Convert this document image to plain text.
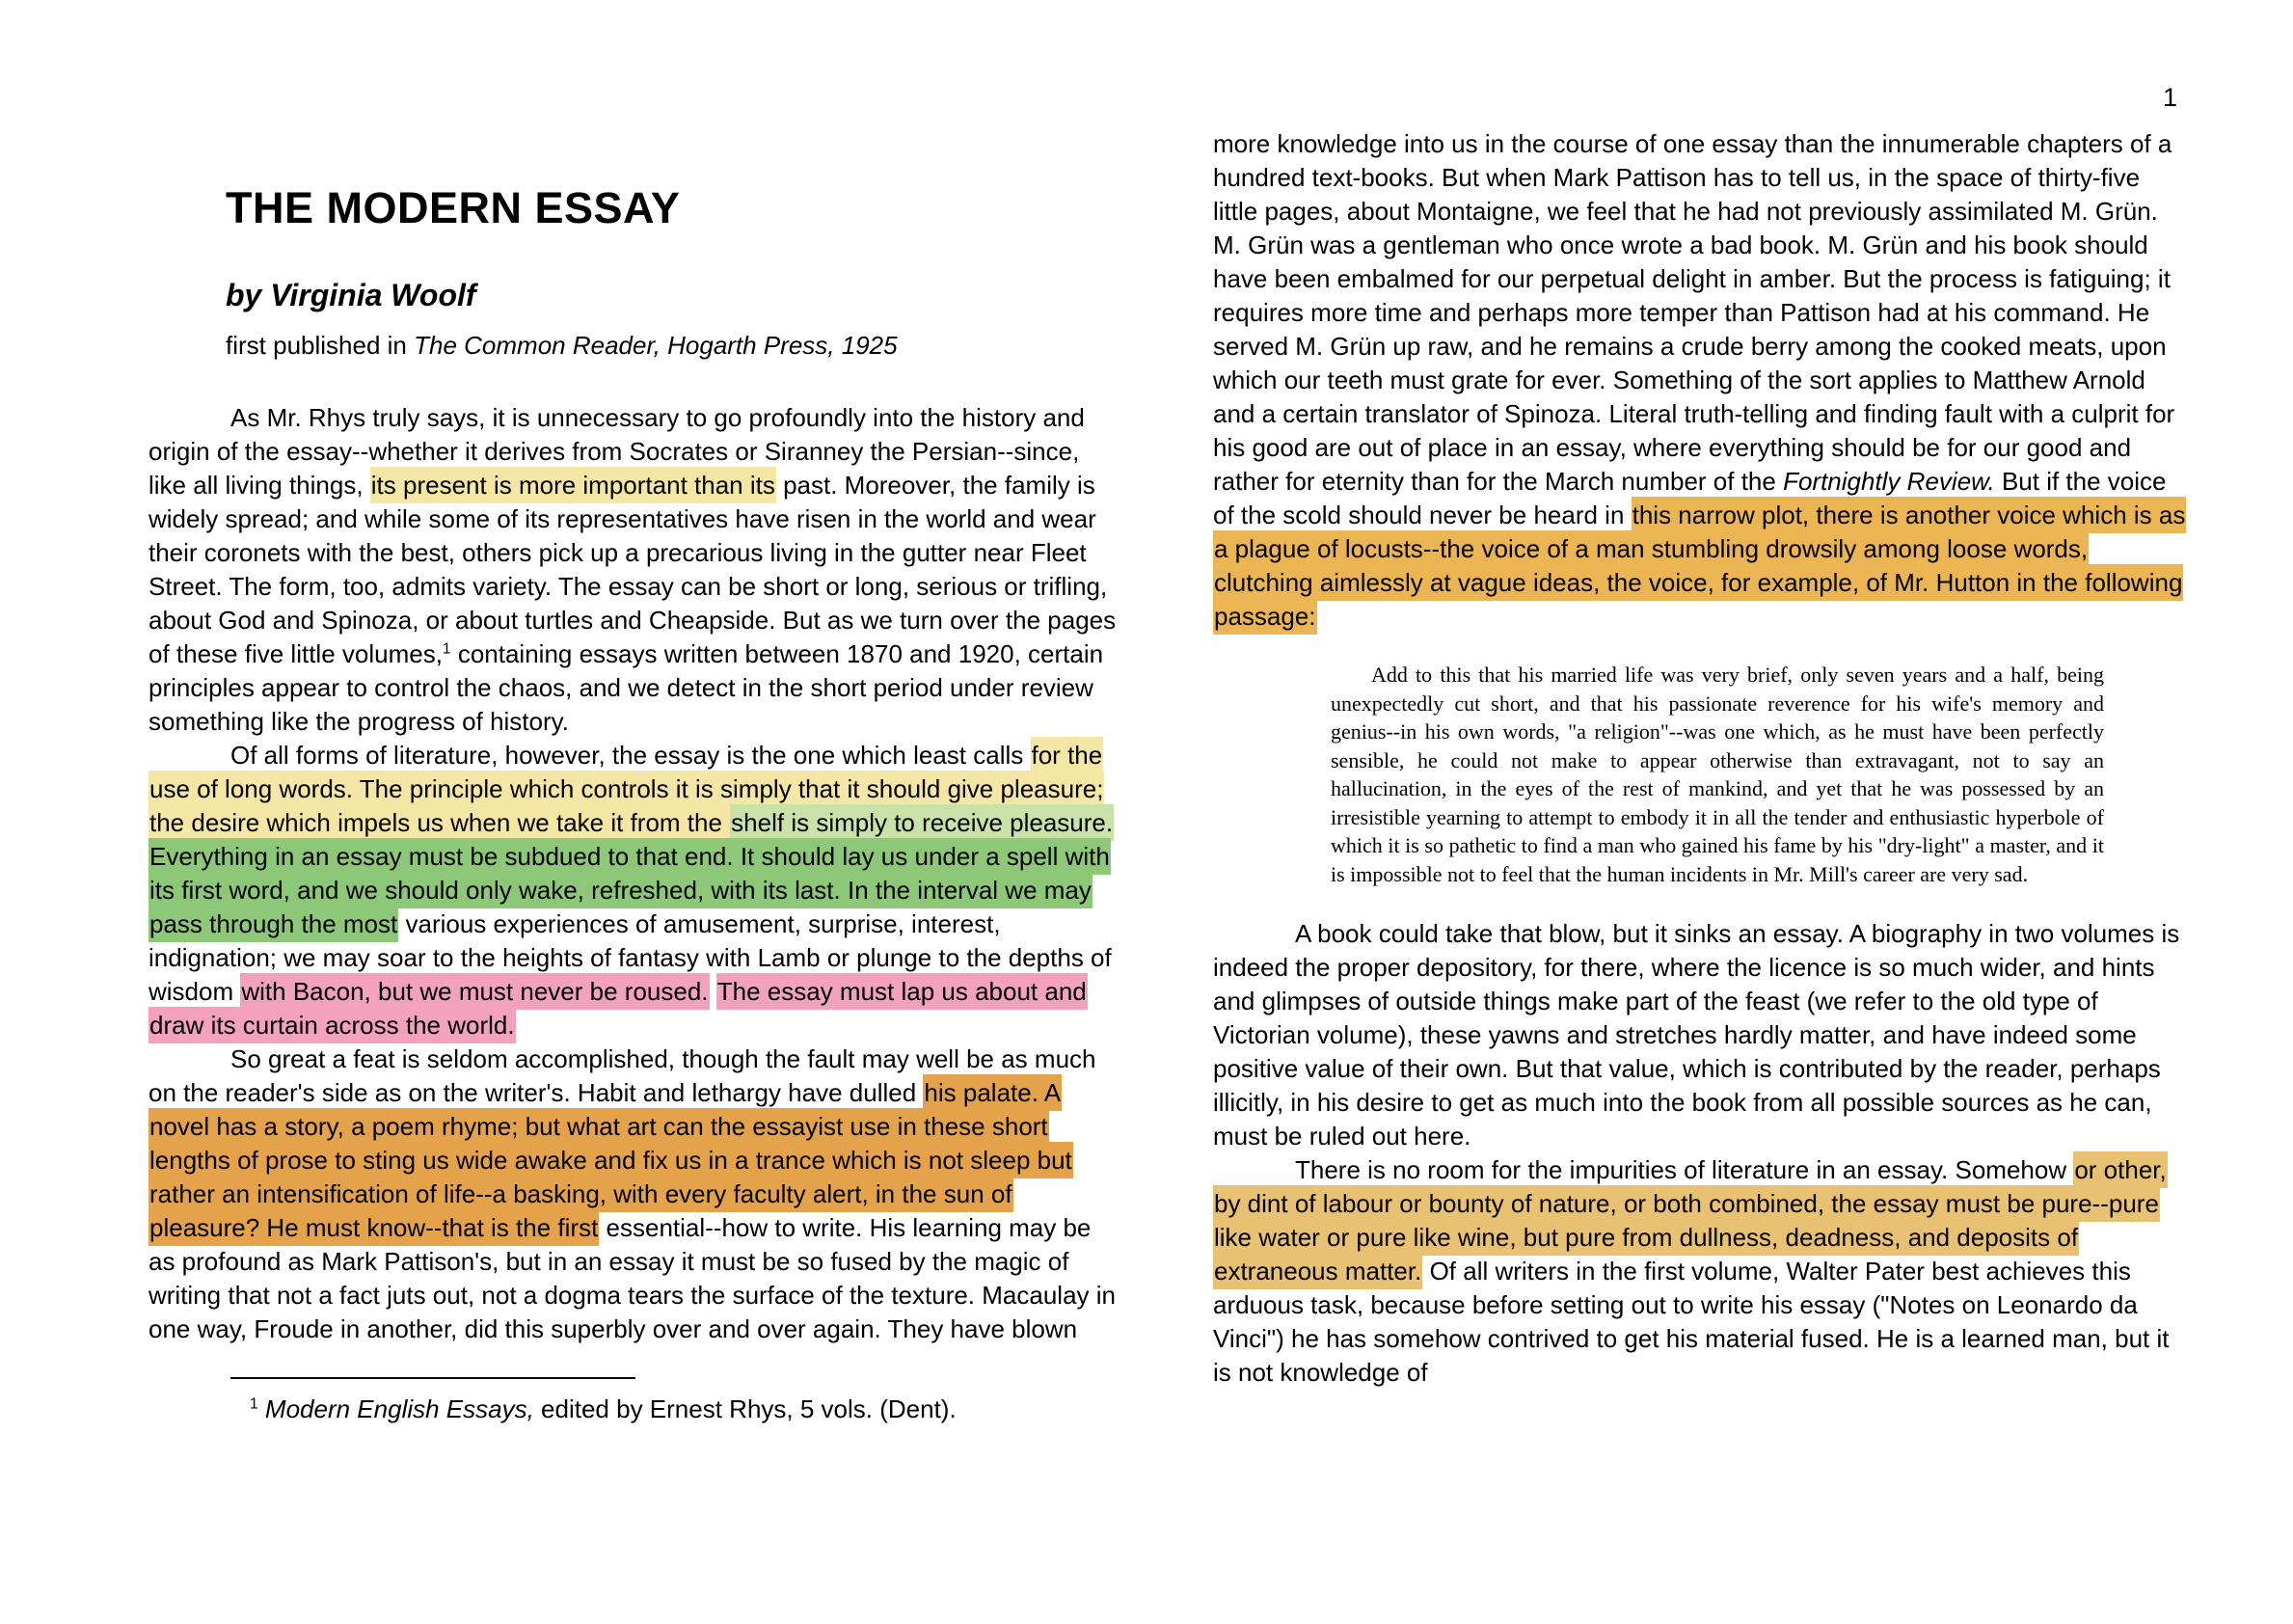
1
THE MODERN ESSAY
by Virginia Woolf

first published in The Common Reader, Hogarth Press, 1925

As Mr. Rhys truly says, it is unnecessary to go profoundly into the history and origin of the essay--whether it derives from Socrates or Siranney the Persian--since, like all living things, its present is more important than its past. Moreover, the family is widely spread; and while some of its representatives have risen in the world and wear their coronets with the best, others pick up a precarious living in the gutter near Fleet Street. The form, too, admits variety. The essay can be short or long, serious or trifling, about God and Spinoza, or about turtles and Cheapside. But as we turn over the pages of these five little volumes,$^1$ containing essays written between 1870 and 1920, certain principles appear to control the chaos, and we detect in the short period under review something like the progress of history.

Of all forms of literature, however, the essay is the one which least calls for the use of long words. The principle which controls it is simply that it should give pleasure; the desire which impels us when we take it from the shelf is simply to receive pleasure. Everything in an essay must be subdued to that end. It should lay us under a spell with its first word, and we should only wake, refreshed, with its last. In the interval we may pass through the most various experiences of amusement, surprise, interest, indignation; we may soar to the heights of fantasy with Lamb or plunge to the depths of wisdom with Bacon, but we must never be roused. The essay must lap us about and draw its curtain across the world.

So great a feat is seldom accomplished, though the fault may well be as much on the reader's side as on the writer's. Habit and lethargy have dulled his palate. A novel has a story, a poem rhyme; but what art can the essayist use in these short lengths of prose to sting us wide awake and fix us in a trance which is not sleep but rather an intensification of life--a basking, with every faculty alert, in the sun of pleasure? He must know--that is the first essential--how to write. His learning may be as profound as Mark Pattison's, but in an essay it must be so fused by the magic of writing that not a fact juts out, not a dogma tears the surface of the texture. Macaulay in one way, Froude in another, did this superbly over and over again. They have blown

$^1$ Modern English Essays, edited by Ernest Rhys, 5 vols. (Dent).

more knowledge into us in the course of one essay than the innumerable chapters of a hundred text-books. But when Mark Pattison has to tell us, in the space of thirty-five little pages, about Montaigne, we feel that he had not previously assimilated M. Grün. M. Grün was a gentleman who once wrote a bad book. M. Grün and his book should have been embalmed for our perpetual delight in amber. But the process is fatiguing; it requires more time and perhaps more temper than Pattison had at his command. He served M. Grün up raw, and he remains a crude berry among the cooked meats, upon which our teeth must grate for ever. Something of the sort applies to Matthew Arnold and a certain translator of Spinoza. Literal truth-telling and finding fault with a culprit for his good are out of place in an essay, where everything should be for our good and rather for eternity than for the March number of the Fortnightly Review. But if the voice of the scold should never be heard in this narrow plot, there is another voice which is as a plague of locusts--the voice of a man stumbling drowsily among loose words, clutching aimlessly at vague ideas, the voice, for example, of Mr. Hutton in the following passage:

Add to this that his married life was very brief, only seven years and a half, being unexpectedly cut short, and that his passionate reverence for his wife's memory and genius--in his own words, "a religion"--was one which, as he must have been perfectly sensible, he could not make to appear otherwise than extravagant, not to say an hallucination, in the eyes of the rest of mankind, and yet that he was possessed by an irresistible yearning to attempt to embody it in all the tender and enthusiastic hyperbole of which it is so pathetic to find a man who gained his fame by his "dry-light" a master, and it is impossible not to feel that the human incidents in Mr. Mill's career are very sad.

A book could take that blow, but it sinks an essay. A biography in two volumes is indeed the proper depository, for there, where the licence is so much wider, and hints and glimpses of outside things make part of the feast (we refer to the old type of Victorian volume), these yawns and stretches hardly matter, and have indeed some positive value of their own. But that value, which is contributed by the reader, perhaps illicitly, in his desire to get as much into the book from all possible sources as he can, must be ruled out here.

There is no room for the impurities of literature in an essay. Somehow or other, by dint of labour or bounty of nature, or both combined, the essay must be pure--pure like water or pure like wine, but pure from dullness, deadness, and deposits of extraneous matter. Of all writers in the first volume, Walter Pater best achieves this arduous task, because before setting out to write his essay ("Notes on Leonardo da Vinci") he has somehow contrived to get his material fused. He is a learned man, but it is not knowledge of
